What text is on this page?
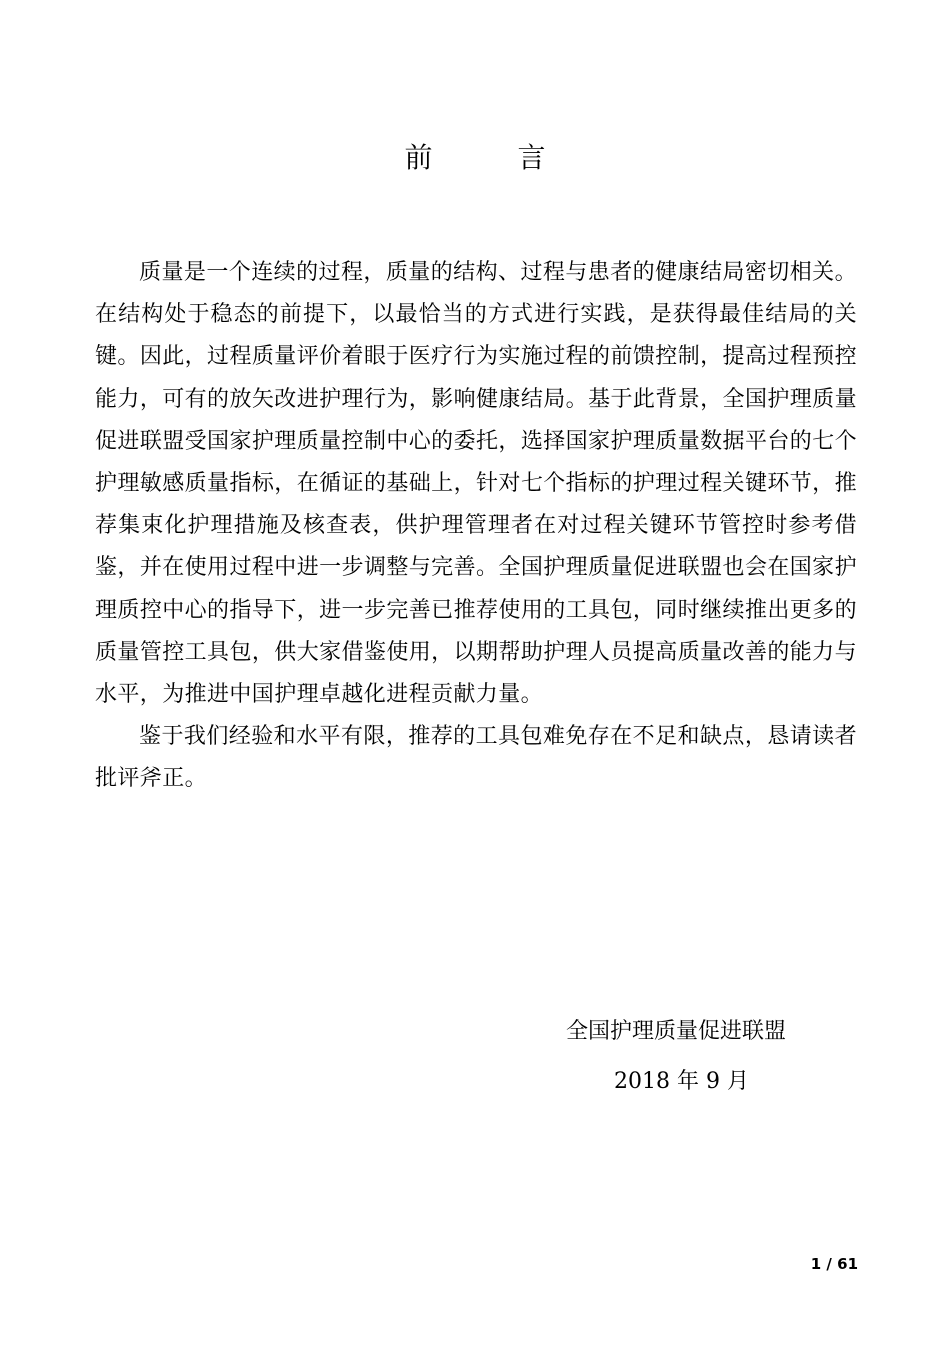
前 言

质量是一个连续的过程，质量的结构、过程与患者的健康结局密切相关。在结构处于稳态的前提下，以最恰当的方式进行实践，是获得最佳结局的关键。因此，过程质量评价着眼于医疗行为实施过程的前馈控制，提高过程预控能力，可有的放矢改进护理行为，影响健康结局。基于此背景，全国护理质量促进联盟受国家护理质量控制中心的委托，选择国家护理质量数据平台的七个护理敏感质量指标，在循证的基础上，针对七个指标的护理过程关键环节，推荐集束化护理措施及核查表，供护理管理者在对过程关键环节管控时参考借鉴，并在使用过程中进一步调整与完善。全国护理质量促进联盟也会在国家护理质控中心的指导下，进一步完善已推荐使用的工具包，同时继续推出更多的质量管控工具包，供大家借鉴使用，以期帮助护理人员提高质量改善的能力与水平，为推进中国护理卓越化进程贡献力量。

鉴于我们经验和水平有限，推荐的工具包难免存在不足和缺点，恳请读者批评斧正。

全国护理质量促进联盟
2018 年 9 月
1 / 61
